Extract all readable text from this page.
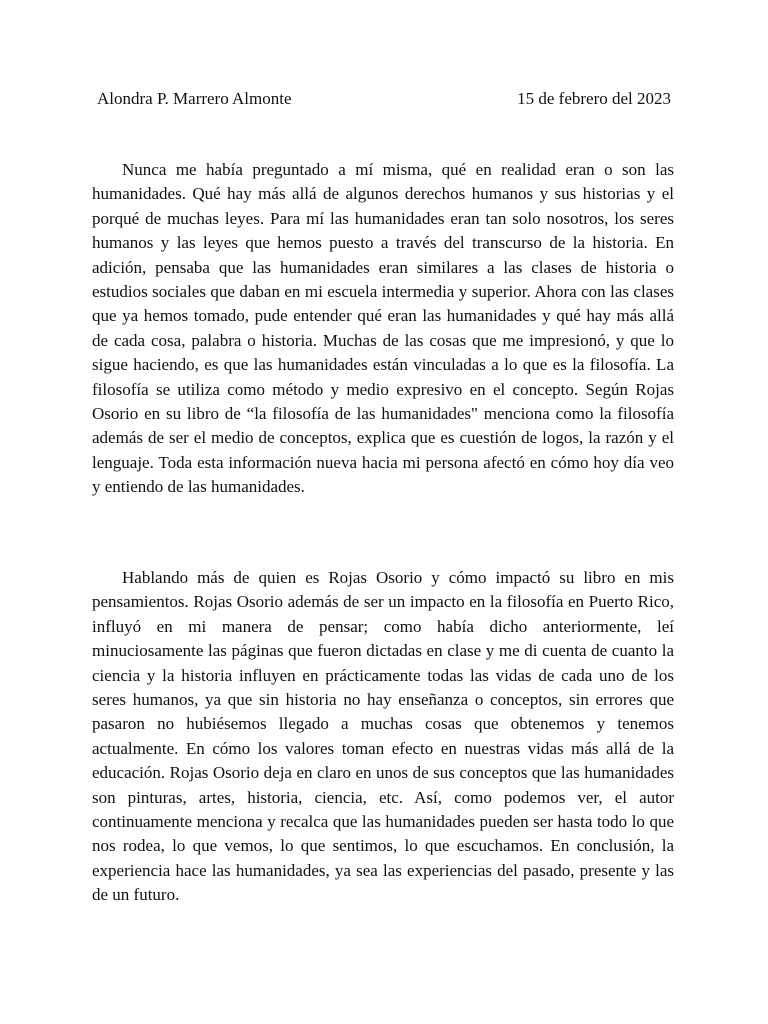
Alondra P. Marrero Almonte	15 de febrero del 2023

Nunca me había preguntado a mí misma, qué en realidad eran o son las humanidades. Qué hay más allá de algunos derechos humanos y sus historias y el porqué de muchas leyes. Para mí las humanidades eran tan solo nosotros, los seres humanos y las leyes que hemos puesto a través del transcurso de la historia. En adición, pensaba que las humanidades eran similares a las clases de historia o estudios sociales que daban en mi escuela intermedia y superior. Ahora con las clases que ya hemos tomado, pude entender qué eran las humanidades y qué hay más allá de cada cosa, palabra o historia. Muchas de las cosas que me impresionó, y que lo sigue haciendo, es que las humanidades están vinculadas a lo que es la filosofía. La filosofía se utiliza como método y medio expresivo en el concepto. Según Rojas Osorio en su libro de “la filosofía de las humanidades" menciona como la filosofía además de ser el medio de conceptos, explica que es cuestión de logos, la razón y el lenguaje. Toda esta información nueva hacia mi persona afectó en cómo hoy día veo y entiendo de las humanidades.

Hablando más de quien es Rojas Osorio y cómo impactó su libro en mis pensamientos. Rojas Osorio además de ser un impacto en la filosofía en Puerto Rico, influyó en mi manera de pensar; como había dicho anteriormente, leí minuciosamente las páginas que fueron dictadas en clase y me di cuenta de cuanto la ciencia y la historia influyen en prácticamente todas las vidas de cada uno de los seres humanos, ya que sin historia no hay enseñanza o conceptos, sin errores que pasaron no hubiésemos llegado a muchas cosas que obtenemos y tenemos actualmente. En cómo los valores toman efecto en nuestras vidas más allá de la educación. Rojas Osorio deja en claro en unos de sus conceptos que las humanidades son pinturas, artes, historia, ciencia, etc. Así, como podemos ver, el autor continuamente menciona y recalca que las humanidades pueden ser hasta todo lo que nos rodea, lo que vemos, lo que sentimos, lo que escuchamos. En conclusión, la experiencia hace las humanidades, ya sea las experiencias del pasado, presente y las de un futuro.
